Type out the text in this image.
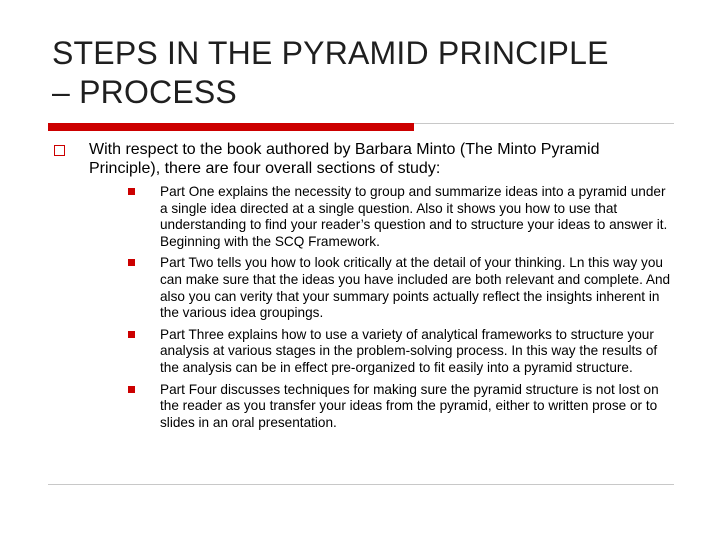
STEPS IN THE PYRAMID PRINCIPLE
– PROCESS
With respect to the book authored by Barbara Minto (The Minto Pyramid Principle), there are four overall sections of study:
Part One explains the necessity to group and summarize ideas into a pyramid under a single idea directed at a single question. Also it shows you how to use that understanding to find your reader’s question and to structure your ideas to answer it. Beginning with the SCQ Framework.
Part Two tells you how to look critically at the detail of your thinking. Ln this way you can make sure that the ideas you have included are both relevant and complete. And also you can verity that your summary points actually reflect the insights inherent in the various idea groupings.
Part Three explains how to use a variety of analytical frameworks to structure your analysis at various stages in the problem-solving process. In this way the results of the analysis can be in effect pre-organized to fit easily into a pyramid structure.
Part Four discusses techniques for making sure the pyramid structure is not lost on the reader as you transfer your ideas from the pyramid, either to written prose or to slides in an oral presentation.
